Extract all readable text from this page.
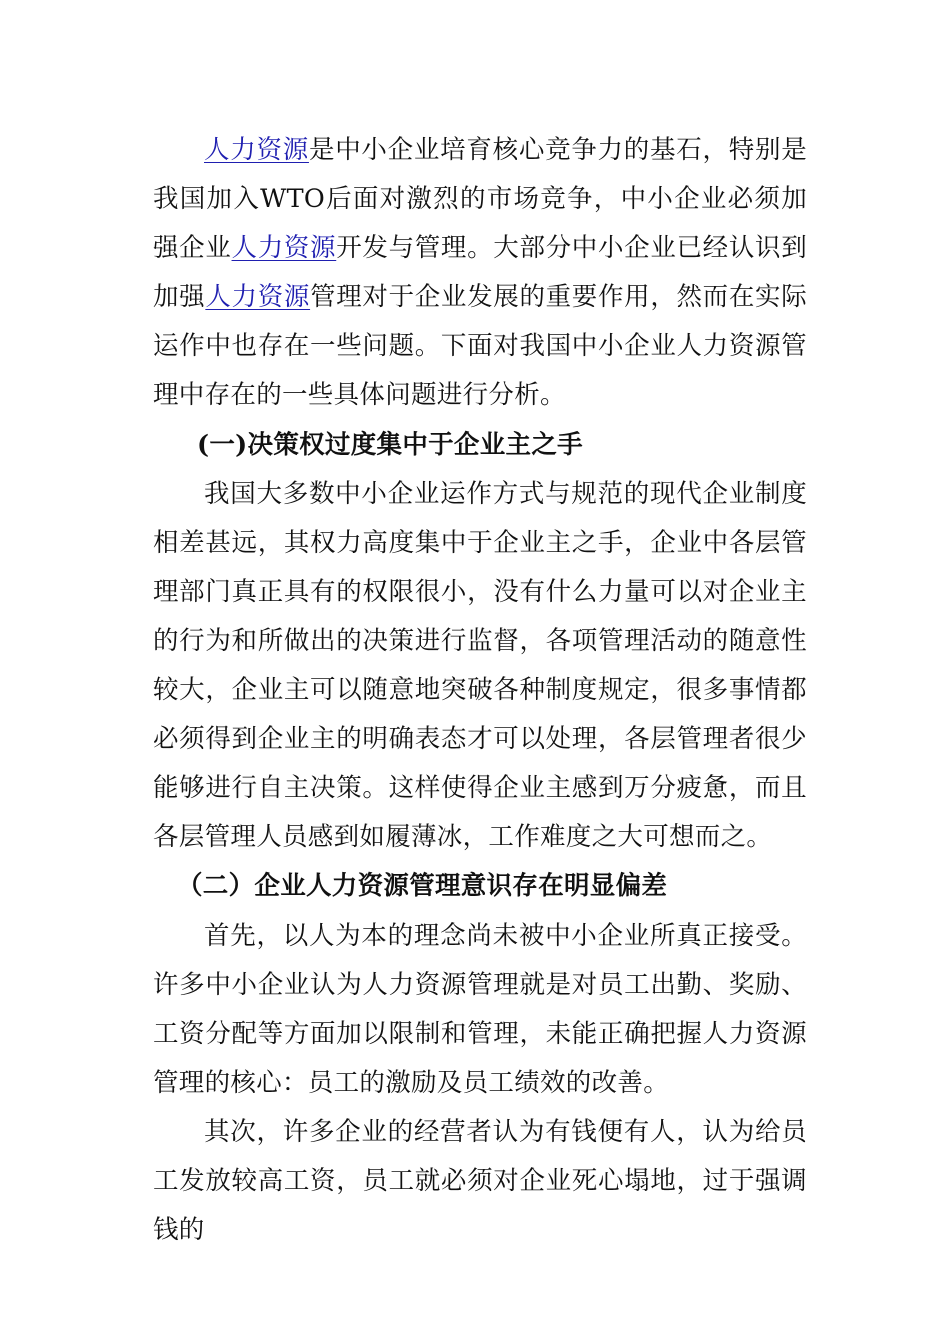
人力资源是中小企业培育核心竞争力的基石，特别是我国加入WTO后面对激烈的市场竞争，中小企业必须加强企业人力资源开发与管理。大部分中小企业已经认识到加强人力资源管理对于企业发展的重要作用，然而在实际运作中也存在一些问题。下面对我国中小企业人力资源管理中存在的一些具体问题进行分析。

(一)决策权过度集中于企业主之手

我国大多数中小企业运作方式与规范的现代企业制度相差甚远，其权力高度集中于企业主之手，企业中各层管理部门真正具有的权限很小，没有什么力量可以对企业主的行为和所做出的决策进行监督，各项管理活动的随意性较大，企业主可以随意地突破各种制度规定，很多事情都必须得到企业主的明确表态才可以处理，各层管理者很少能够进行自主决策。这样使得企业主感到万分疲惫，而且各层管理人员感到如履薄冰，工作难度之大可想而之。

（二）企业人力资源管理意识存在明显偏差

首先，以人为本的理念尚未被中小企业所真正接受。许多中小企业认为人力资源管理就是对员工出勤、奖励、工资分配等方面加以限制和管理，未能正确把握人力资源管理的核心：员工的激励及员工绩效的改善。

其次，许多企业的经营者认为有钱便有人，认为给员工发放较高工资，员工就必须对企业死心塌地，过于强调钱的
